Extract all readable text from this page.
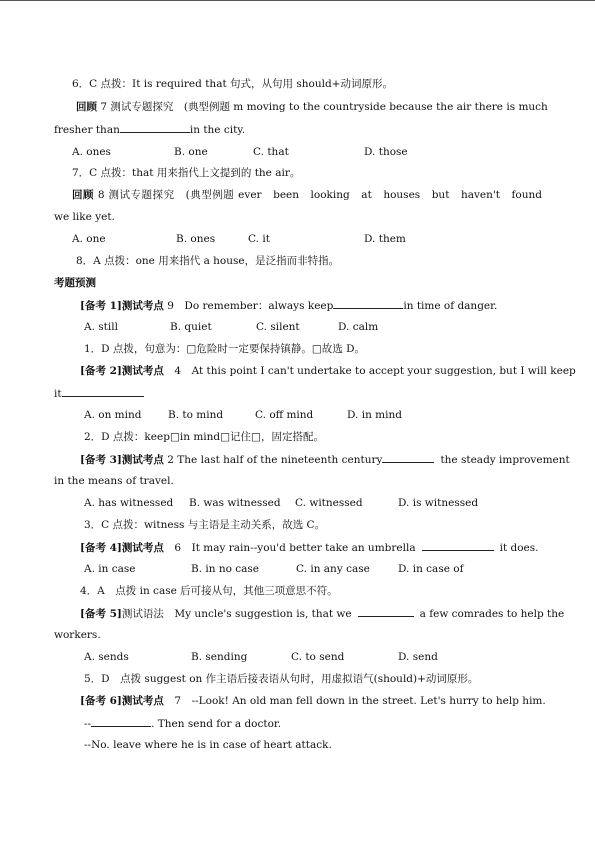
6．C 点拨：It is required that 句式，从句用 should+动词原形。
回顾 7 测试专题探究　(典型例题 m moving to the countryside because the air there is much
fresher than	in the city.
A. ones	B. one	C. that	D. those
7．C 点拨：that 用来指代上文提到的 the air。
回顾 8 测试专题探究　(典型例题 ever　been　looking　at　houses　but　haven't　found
we like yet.
A. one	B. ones	C. it	D. them
8．A 点拨：one 用来指代 a house，是泛指而非特指。
考题预测
[备考 1]测试考点 9　Do remember：always keep	in time of danger.
A. still	B. quiet	C. silent	D. calm
1．D 点拨，句意为：□危险时一定要保持镇静。□故选 D。
[备考 2]测试考点　4　At this point I can't undertake to accept your suggestion, but I will keep
it
A. on mind	B. to mind	C. off mind	D. in mind
2．D 点拨：keep□in mind□记住□，固定搭配。
[备考 3]测试考点 2 The last half of the nineteenth century	the steady improvement
in the means of travel.
A. has witnessed B. was witnessed C. witnessed	D. is witnessed
3．C 点拨：witness 与主语是主动关系，故选 C。
[备考 4]测试考点　6　It may rain--you'd better take an umbrella	it does.
A. in case	B. in no case	C. in any case	D. in case of
4．A　点拨 in case 后可接从句，其他三项意思不符。
[备考 5]测试语法　My uncle's suggestion is, that we	a few comrades to help the
workers.
A. sends	B. sending	C. to send	D. send
5．D　点拨 suggest on 作主语后接表语从句时，用虚拟语气(should)+动词原形。
[备考 6]测试考点　7　--Look! An old man fell down in the street. Let's hurry to help him.
--	. Then send for a doctor.
--No. leave where he is in case of heart attack.
